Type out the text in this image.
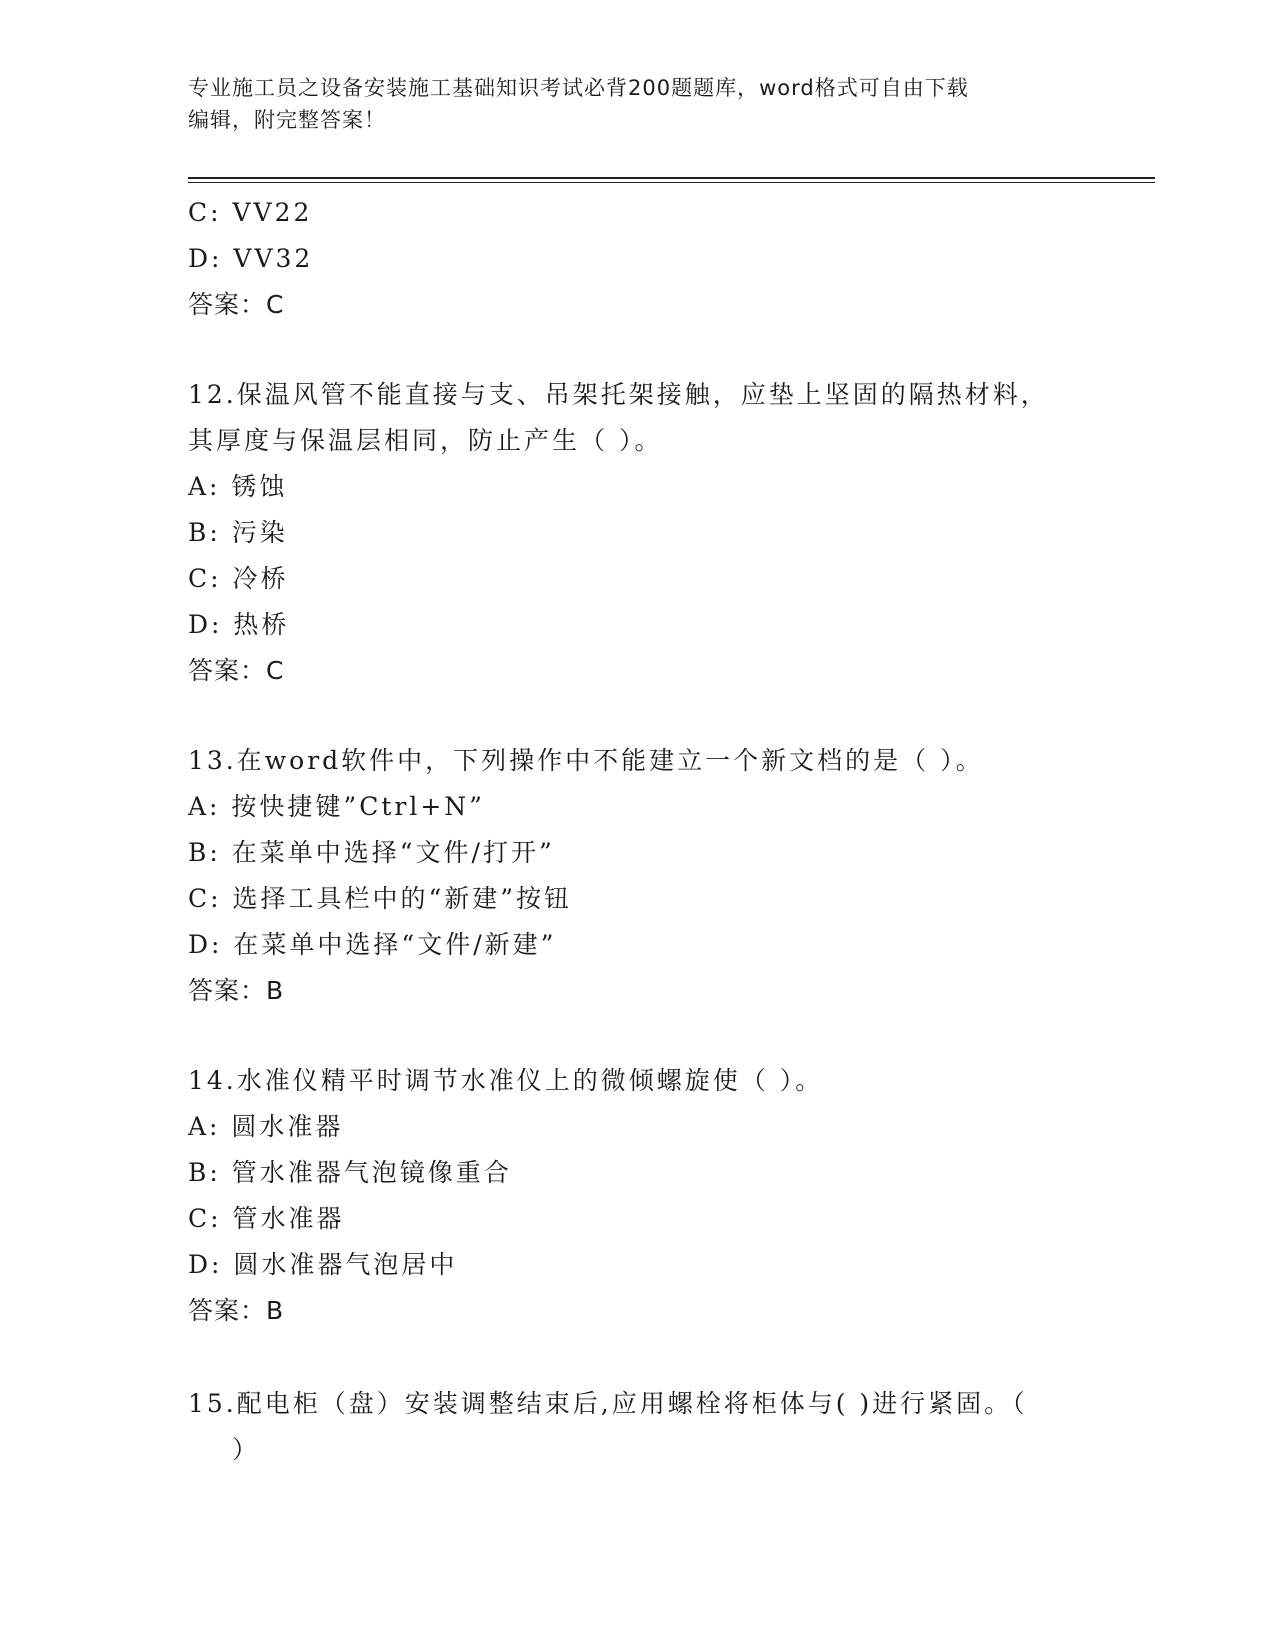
专业施工员之设备安装施工基础知识考试必背200题题库，word格式可自由下载
编辑，附完整答案！
C: VV22
D: VV32
答案：C
12.保温风管不能直接与支、吊架托架接触，应垫上坚固的隔热材料，
其厚度与保温层相同，防止产生（ ）。
A: 锈蚀
B: 污染
C: 冷桥
D: 热桥
答案：C
13.在word软件中，下列操作中不能建立一个新文档的是（ ）。
A: 按快捷键”Ctrl+N”
B: 在菜单中选择“文件/打开”
C: 选择工具栏中的“新建”按钮
D: 在菜单中选择“文件/新建”
答案：B
14.水准仪精平时调节水准仪上的微倾螺旋使（ ）。
A: 圆水准器
B: 管水准器气泡镜像重合
C: 管水准器
D: 圆水准器气泡居中
答案：B
15.配电柜（盘）安装调整结束后,应用螺栓将柜体与( )进行紧固。（
）
